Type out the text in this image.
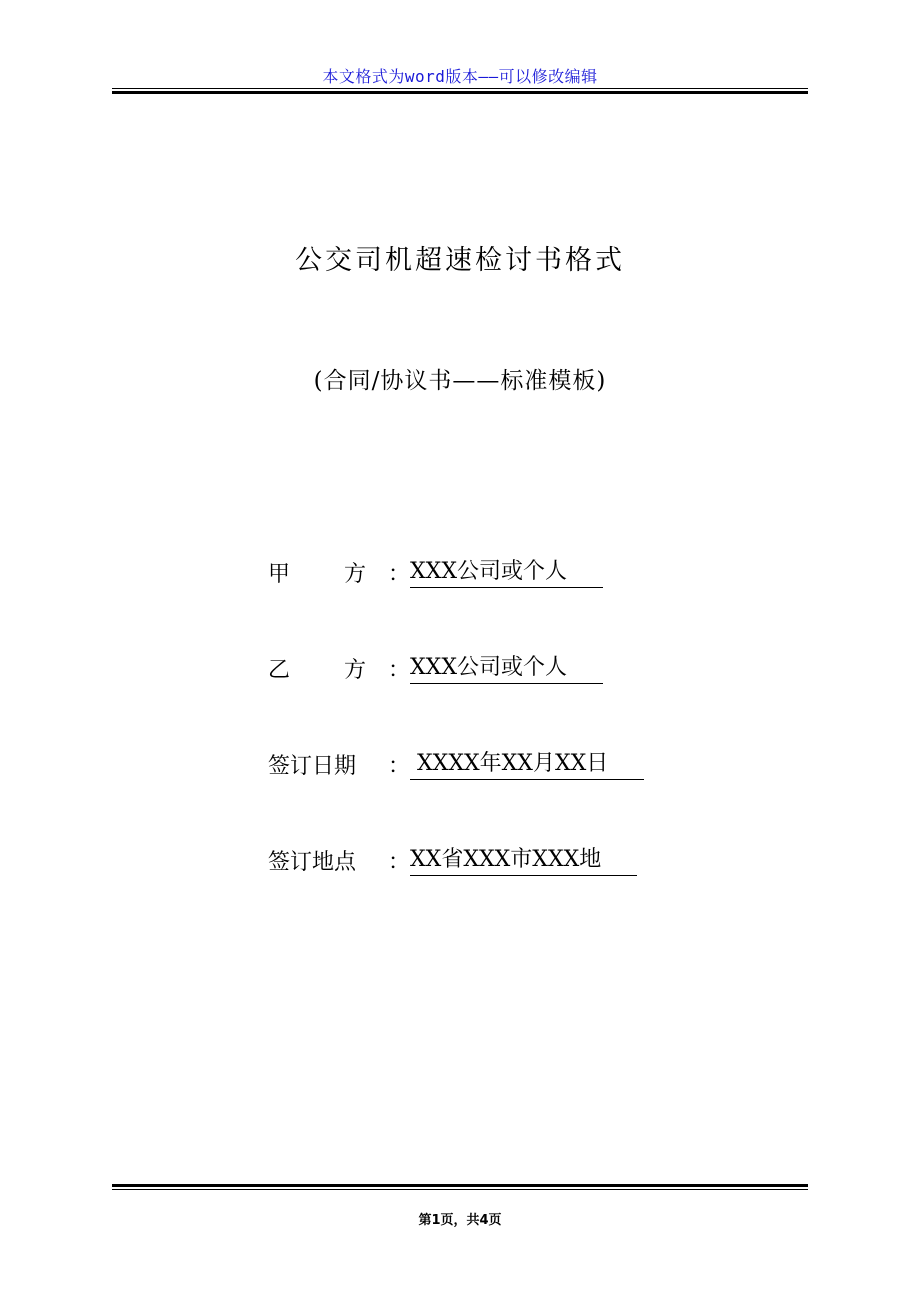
本文格式为word版本——可以修改编辑
公交司机超速检讨书格式
(合同/协议书——标准模板)
甲 方 ： XXX公司或个人
乙 方 ： XXX公司或个人
签订日期	： XXXX年XX月XX日
签订地点	： XX省XXX市XXX地
第1页，共4页
